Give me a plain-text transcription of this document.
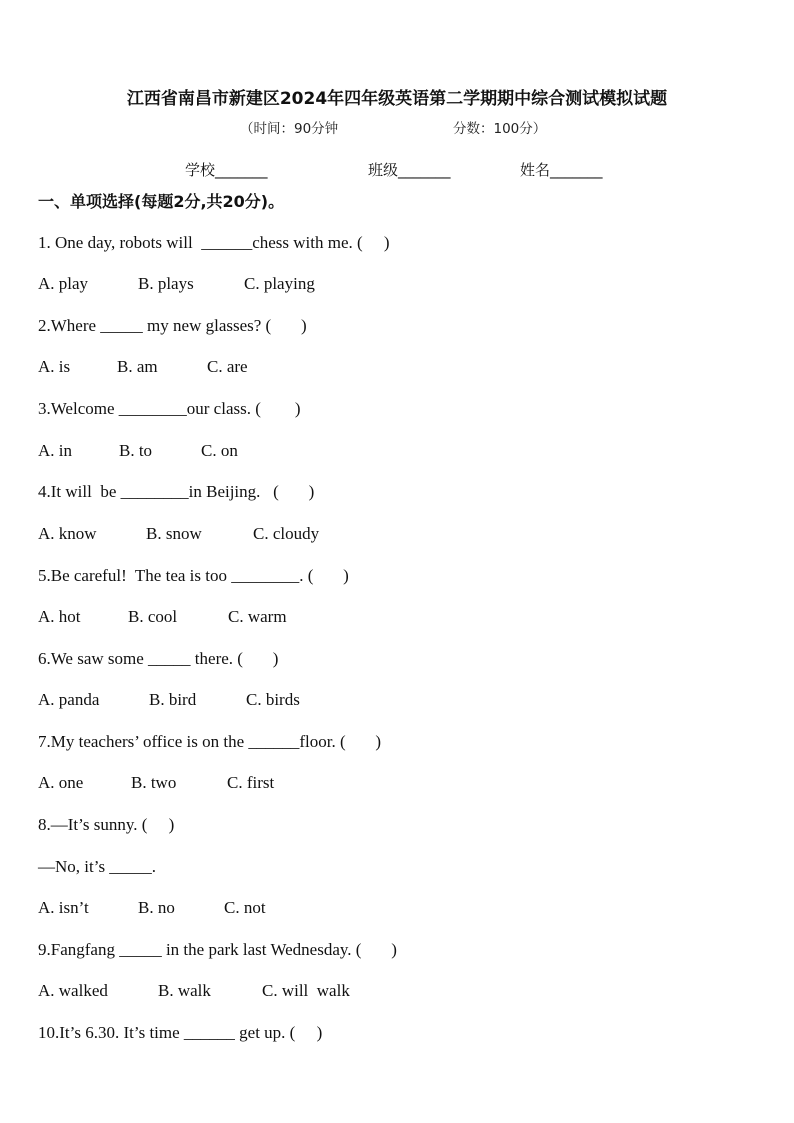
江西省南昌市新建区2024年四年级英语第二学期期中综合测试模拟试题
（时间：90分钟	分数：100分）
学校_______	班级_______	姓名_______
一、单项选择(每题2分,共20分)。
1. One day, robots will  ______chess with me. (     )
A. play	B. plays	C. playing
2.Where _____ my new glasses? (       )
A. is	B. am	C. are
3.Welcome ________our class. (        )
A. in	B. to	C. on
4.It will  be ________in Beijing.   (       )
A. know	B. snow	C. cloudy
5.Be careful!  The tea is too ________. (       )
A. hot	B. cool	C. warm
6.We saw some _____ there. (       )
A. panda	B. bird	C. birds
7.My teachers’ office is on the ______floor. (       )
A. one	B. two	C. first
8.—It’s sunny. (     )
—No, it’s _____.
A. isn’t	B. no	C. not
9.Fangfang _____ in the park last Wednesday. (       )
A. walked	B. walk	C. will  walk
10.It’s 6.30. It’s time ______ get up. (     )
